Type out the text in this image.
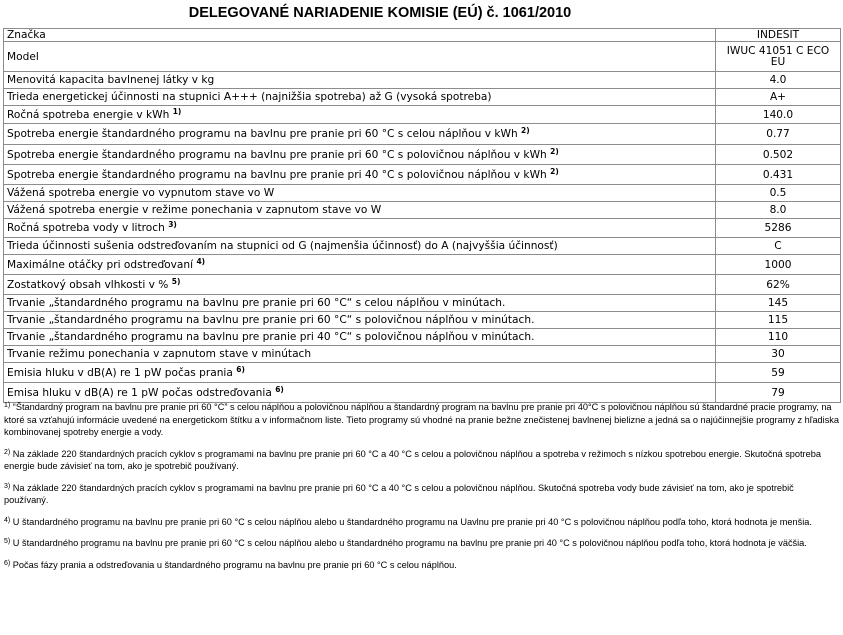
DELEGOVANÉ NARIADENIE KOMISIE (EÚ) č. 1061/2010
Značka	INDESIT
Model	IWUC 41051 C ECO EU
Menovitá kapacita bavlnenej látky v kg	4.0
Trieda energetickej účinnosti na stupnici A+++ (najnižšia spotreba) až G (vysoká spotreba)	A+
Ročná spotreba energie v kWh $^{1)}$	140.0
Spotreba energie štandardného programu na bavlnu pre pranie pri 60 °C s celou náplňou v kWh $^{2)}$	0.77
Spotreba energie štandardného programu na bavlnu pre pranie pri 60 °C s polovičnou náplňou v kWh $^{2)}$	0.502
Spotreba energie štandardného programu na bavlnu pre pranie pri 40 °C s polovičnou náplňou v kWh $^{2)}$	0.431
Vážená spotreba energie vo vypnutom stave vo W	0.5
Vážená spotreba energie v režime ponechania v zapnutom stave vo W	8.0
Ročná spotreba vody v litroch $^{3)}$	5286
Trieda účinnosti sušenia odstreďovaním na stupnici od G (najmenšia účinnosť) do A (najvyššia účinnosť)	C
Maximálne otáčky pri odstreďovaní $^{4)}$	1000
Zostatkový obsah vlhkosti v % $^{5)}$	62%
Trvanie „štandardného programu na bavlnu pre pranie pri 60 °C“ s celou náplňou v minútach.	145
Trvanie „štandardného programu na bavlnu pre pranie pri 60 °C“ s polovičnou náplňou v minútach.	115
Trvanie „štandardného programu na bavlnu pre pranie pri 40 °C“ s polovičnou náplňou v minútach.	110
Trvanie režimu ponechania v zapnutom stave v minútach	30
Emisia hluku v dB(A) re 1 pW počas prania $^{6)}$	59
Emisa hluku v dB(A) re 1 pW počas odstreďovania $^{6)}$	79
$^{1)}$ “Štandardný program na bavlnu pre pranie pri 60 °C” s celou náplňou a polovičnou náplňou a štandardný program na bavlnu pre pranie pri 40°C s polovičnou náplňou sú štandardné pracie programy, na ktoré sa vzťahujú informácie uvedené na energetickom štítku a v informačnom liste. Tieto programy sú vhodné na pranie bežne znečistenej bavlnenej bielizne a jedná sa o najúčinnejšie programy z hľadiska kombinovanej spotreby energie a vody.
$^{2)}$ Na základe 220 štandardných pracích cyklov s programami na bavlnu pre pranie pri 60 °C a 40 °C s celou a polovičnou náplňou a spotreba v režimoch s nízkou spotrebou energie. Skutočná spotreba energie bude závisieť na tom, ako je spotrebič používaný.
$^{3)}$ Na základe 220 štandardných pracích cyklov s programami na bavlnu pre pranie pri 60 °C a 40 °C s celou a polovičnou náplňou. Skutočná spotreba vody bude závisieť na tom, ako je spotrebič používaný.
$^{4)}$ U štandardného programu na bavlnu pre pranie pri 60 °C s celou náplňou alebo u štandardného programu na Uavlnu pre pranie pri 40 °C s polovičnou náplňou podľa toho, ktorá hodnota je menšia.
$^{5)}$ U štandardného programu na bavlnu pre pranie pri 60 °C s celou náplňou alebo u štandardného programu na bavlnu pre pranie pri 40 °C s polovičnou náplňou podľa toho, ktorá hodnota je väčšia.
$^{6)}$ Počas fázy prania a odstreďovania u štandardného programu na bavlnu pre pranie pri 60 °C s celou náplňou.
